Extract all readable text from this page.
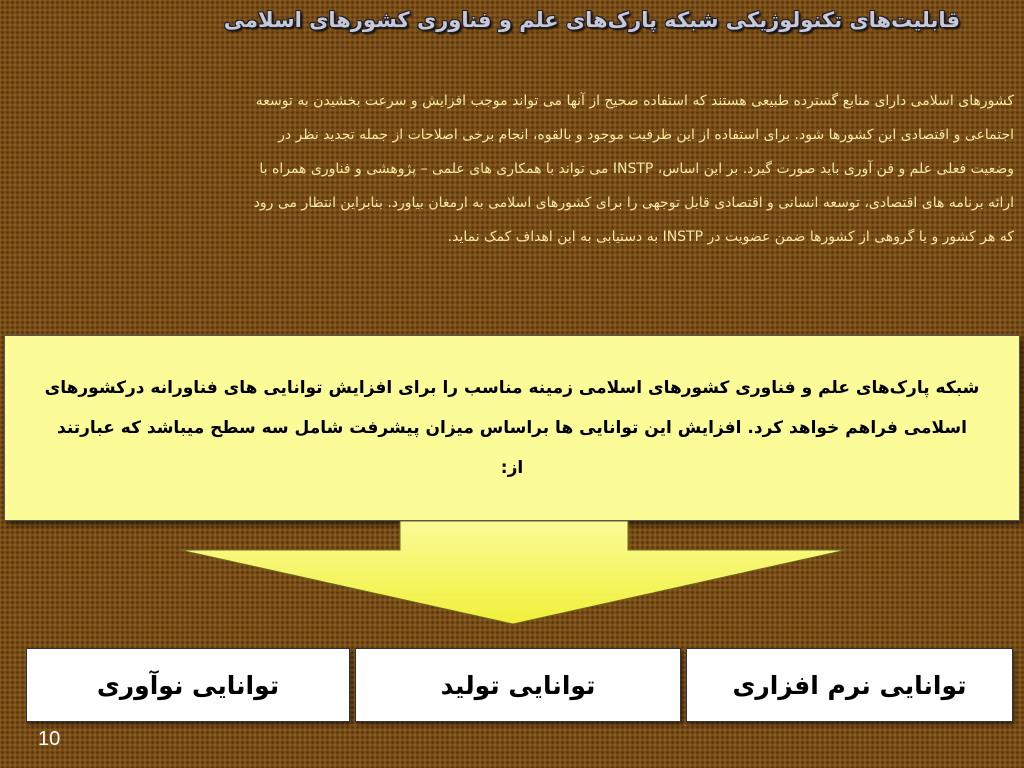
قابلیت‌های تکنولوژیکی شبکه پارک‌های علم و فناوری کشورهای اسلامی

کشورهای اسلامی دارای منابع گسترده طبیعی هستند که استفاده صحیح از آنها می تواند موجب افزایش و سرعت بخشیدن به توسعه

اجتماعی و اقتصادی این کشورها شود. برای استفاده از این ظرفیت موجود و بالقوه، انجام برخی اصلاحات از جمله تجدید نظر در

وضعیت فعلی علم و فن آوری باید صورت گیرد. بر این اساس، INSTP می تواند با همکاری های علمی – پژوهشی و فناوری همراه با

ارائه برنامه های اقتصادی، توسعه انسانی و اقتصادی قابل توجهی را برای کشورهای اسلامی به ارمغان بیاورد. بنابراین انتظار می رود

که هر کشور و یا گروهی از کشورها ضمن عضویت در INSTP به دستیابی به این اهداف کمک نماید.

شبکه پارک‌های علم و فناوری کشورهای اسلامی زمینه مناسب را برای افزایش توانایی های فناورانه درکشورهای
اسلامی فراهم خواهد کرد. افزایش این توانایی ها براساس میزان پیشرفت شامل سه سطح میباشد که عبارتند
از:
توانایی نرم افزاری
توانایی تولید
توانایی نوآوری
10
